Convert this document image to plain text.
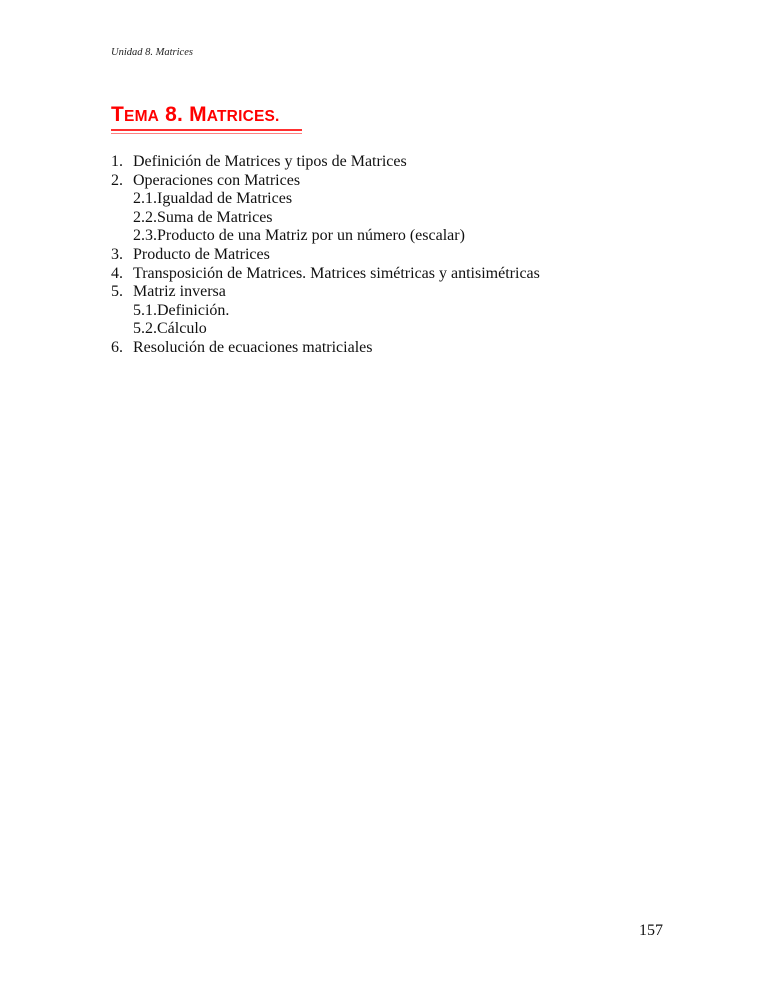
Unidad 8. Matrices
TEMA 8. MATRICES.
1. Definición de Matrices y tipos de Matrices
2. Operaciones con Matrices
2.1.Igualdad de Matrices
2.2.Suma de Matrices
2.3.Producto de una Matriz por un número (escalar)
3. Producto de Matrices
4. Transposición de Matrices. Matrices simétricas y antisimétricas
5. Matriz inversa
5.1.Definición.
5.2.Cálculo
6. Resolución de ecuaciones matriciales
157
